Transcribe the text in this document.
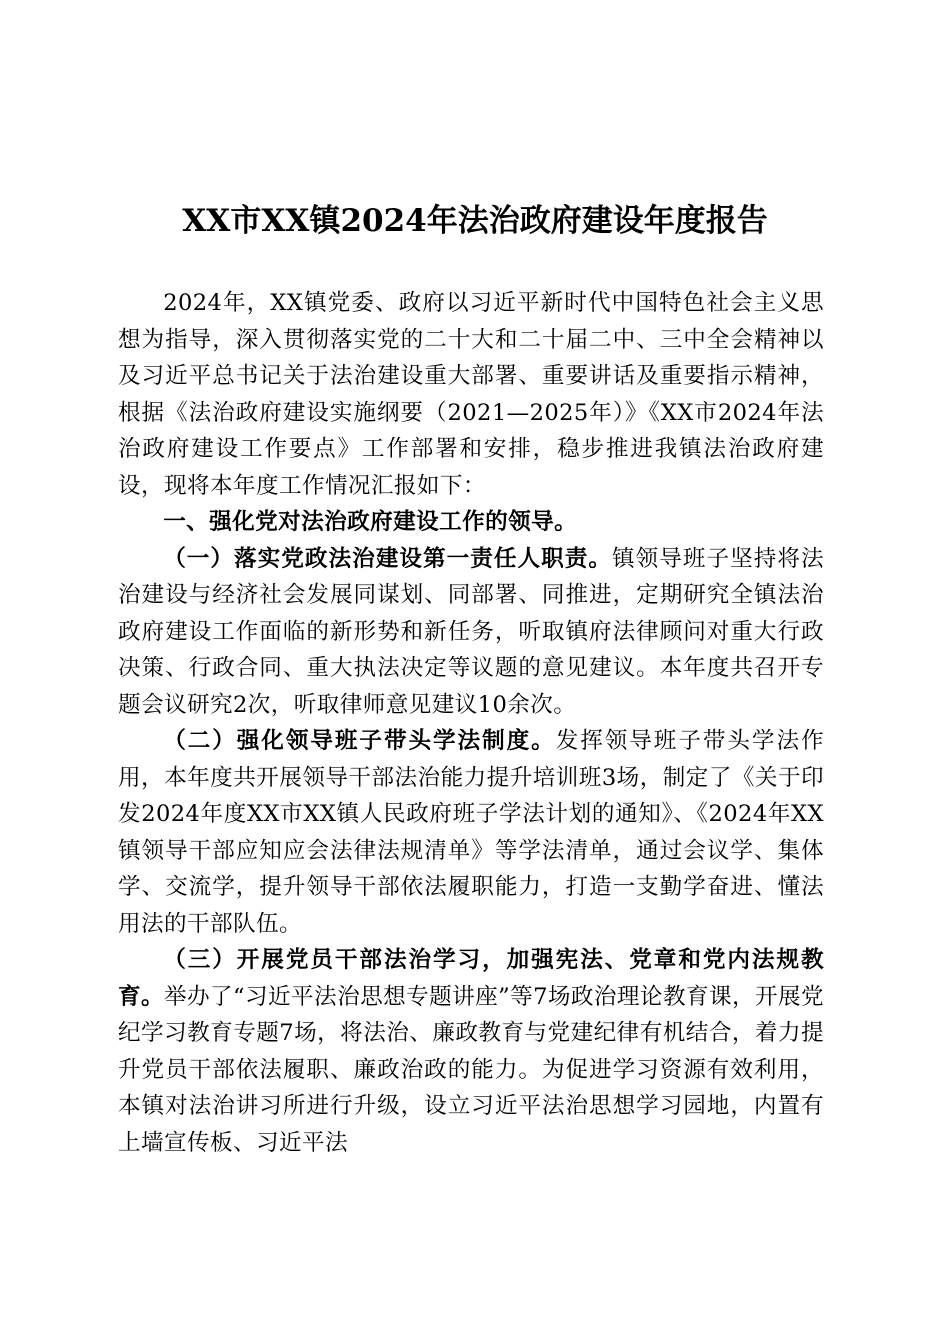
XX市XX镇2024年法治政府建设年度报告

2024年，XX镇党委、政府以习近平新时代中国特色社会主义思想为指导，深入贯彻落实党的二十大和二十届二中、三中全会精神以及习近平总书记关于法治建设重大部署、重要讲话及重要指示精神，根据《法治政府建设实施纲要（2021—2025年）》《XX市2024年法治政府建设工作要点》工作部署和安排，稳步推进我镇法治政府建设，现将本年度工作情况汇报如下：

一、强化党对法治政府建设工作的领导。

（一）落实党政法治建设第一责任人职责。镇领导班子坚持将法治建设与经济社会发展同谋划、同部署、同推进，定期研究全镇法治政府建设工作面临的新形势和新任务，听取镇府法律顾问对重大行政决策、行政合同、重大执法决定等议题的意见建议。本年度共召开专题会议研究2次，听取律师意见建议10余次。

（二）强化领导班子带头学法制度。发挥领导班子带头学法作用，本年度共开展领导干部法治能力提升培训班3场，制定了《关于印发2024年度XX市XX镇人民政府班子学法计划的通知》、《2024年XX镇领导干部应知应会法律法规清单》等学法清单，通过会议学、集体学、交流学，提升领导干部依法履职能力，打造一支勤学奋进、懂法用法的干部队伍。

（三）开展党员干部法治学习，加强宪法、党章和党内法规教育。举办了“习近平法治思想专题讲座”等7场政治理论教育课，开展党纪学习教育专题7场，将法治、廉政教育与党建纪律有机结合，着力提升党员干部依法履职、廉政治政的能力。为促进学习资源有效利用，本镇对法治讲习所进行升级，设立习近平法治思想学习园地，内置有上墙宣传板、习近平法
